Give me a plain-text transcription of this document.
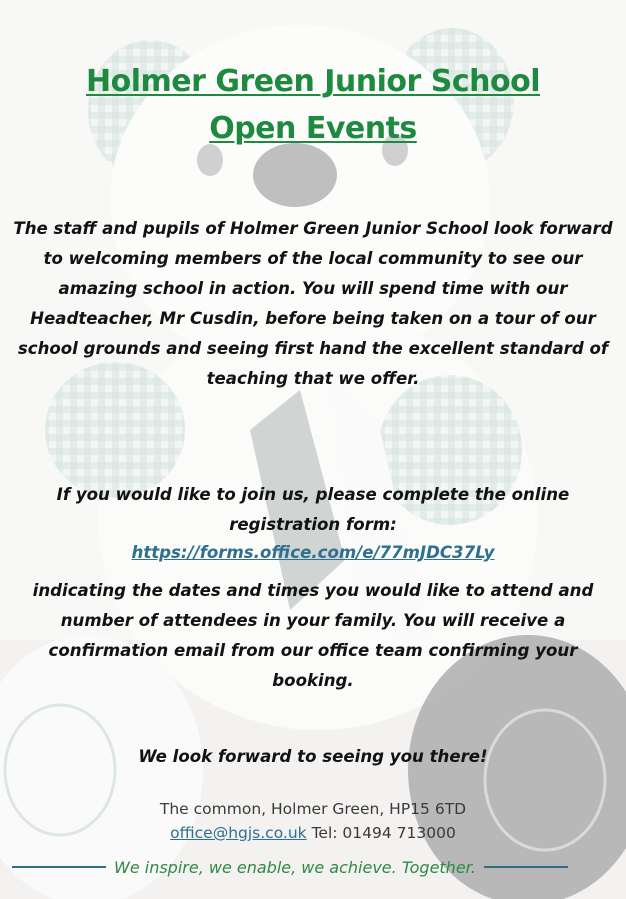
Holmer Green Junior School
Open Events

The staff and pupils of Holmer Green Junior School look forward to welcoming members of the local community to see our amazing school in action. You will spend time with our Headteacher, Mr Cusdin, before being taken on a tour of our school grounds and seeing first hand the excellent standard of teaching that we offer.

If you would like to join us, please complete the online registration form:

https://forms.office.com/e/77mJDC37Ly

indicating the dates and times you would like to attend and number of attendees in your family. You will receive a confirmation email from our office team confirming your booking.

We look forward to seeing you there!

The common, Holmer Green, HP15 6TD
office@hgjs.co.uk Tel: 01494 713000
We inspire, we enable, we achieve. Together.
